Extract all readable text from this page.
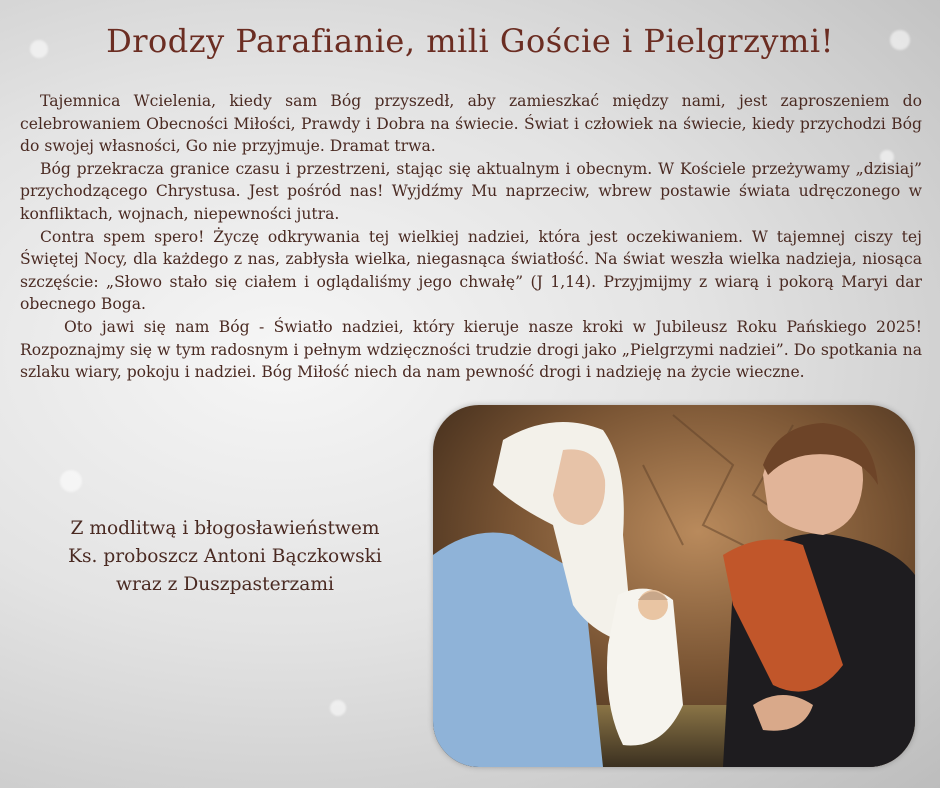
Drodzy Parafianie, mili Goście i Pielgrzymi!

Tajemnica Wcielenia, kiedy sam Bóg przyszedł, aby zamieszkać między nami, jest zaproszeniem do celebrowaniem Obecności Miłości, Prawdy i Dobra na świecie. Świat i człowiek na świecie, kiedy przychodzi Bóg do swojej własności, Go nie przyjmuje. Dramat trwa.

Bóg przekracza granice czasu i przestrzeni, stając się aktualnym i obecnym. W Kościele przeżywamy „dzisiaj” przychodzącego Chrystusa. Jest pośród nas! Wyjdźmy Mu naprzeciw, wbrew postawie świata udręczonego w konfliktach, wojnach, niepewności jutra.

Contra spem spero! Życzę odkrywania tej wielkiej nadziei, która jest oczekiwaniem. W tajemnej ciszy tej Świętej Nocy, dla każdego z nas, zabłysła wielka, niegasnąca światłość. Na świat weszła wielka nadzieja, niosąca szczęście: „Słowo stało się ciałem i oglądaliśmy jego chwałę” (J 1,14). Przyjmijmy z wiarą i pokorą Maryi dar obecnego Boga.

Oto jawi się nam Bóg - Światło nadziei, który kieruje nasze kroki w Jubileusz Roku Pańskiego 2025! Rozpoznajmy się w tym radosnym i pełnym wdzięczności trudzie drogi jako „Pielgrzymi nadziei”. Do spotkania na szlaku wiary, pokoju i nadziei. Bóg Miłość niech da nam pewność drogi i nadzieję na życie wieczne.

Z modlitwą i błogosławieństwem
Ks. proboszcz Antoni Bączkowski
wraz z Duszpasterzami
